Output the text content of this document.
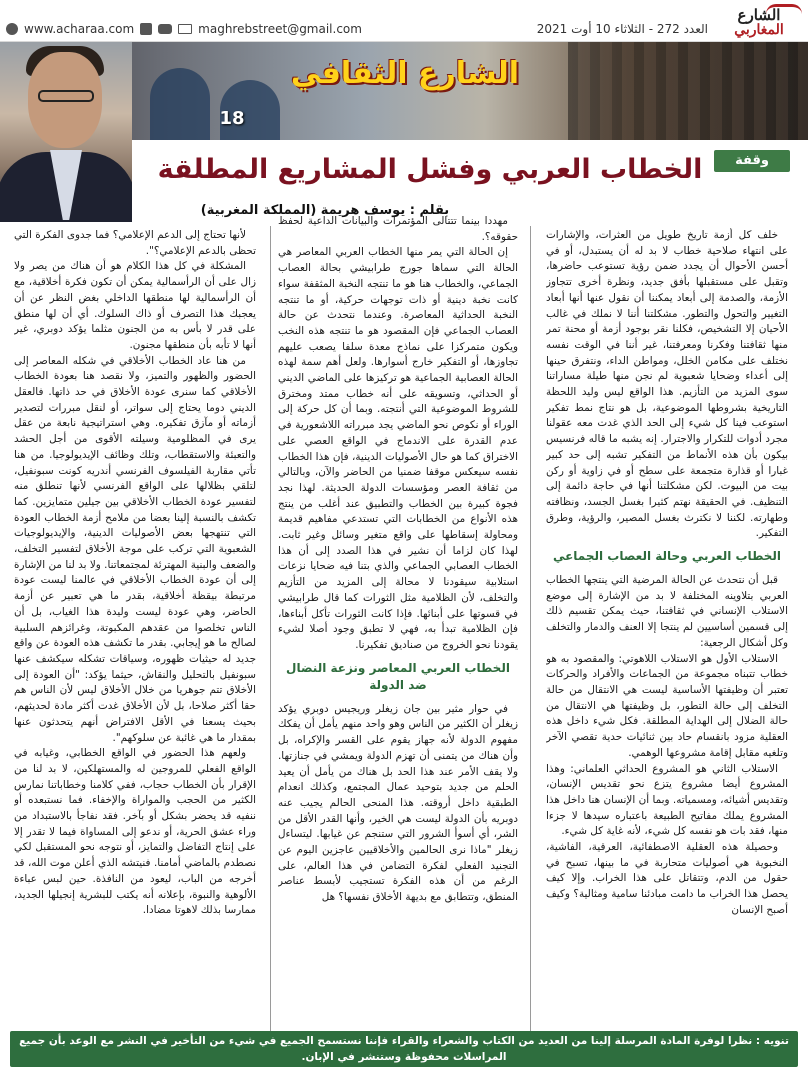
الشارع
المغاربي
العدد 272 - الثلاثاء 10 أوت 2021
www.acharaa.com	maghrebstreet@gmail.com
الشارع الثقافي
18
وقفة
الخطاب العربي وفشل المشاريع المطلقة
بقلم : يوسف هريمة (المملكة المغربية)

خلف كل أزمة تاريخ طويل من العثرات، والإشارات على انتهاء صلاحية خطاب لا بد له أن يستبدل، أو في أحسن الأحوال أن يجدد ضمن رؤية تستوعب حاضرها، وتقبل على مستقبلها بأفق جديد، ونظرة أخرى تتجاوز الأزمة، والصدمة إلى أبعاد يمكننا أن نقول عنها أنها أبعاد التغيير والتحول والتطور. مشكلتنا أننا لا نملك في غالب الأحيان إلا التشخيص، فكلنا نقر بوجود أزمة أو محنة تمر منها ثقافتنا وفكرنا ومعرفتنا، غير أننا في الوقت نفسه نختلف على مكامن الخلل، ومواطن الداء، ونتفرق حينها إلى أعداء وضحايا شعبوية لم نجن منها طيلة مساراتنا سوى المزيد من التأزيم. هذا الواقع ليس وليد اللحظة التاريخية بشروطها الموضوعية، بل هو نتاج نمط تفكير استوعب فينا كل شيء إلى الحد الذي غدت معه عقولنا مجرد أدوات للتكرار والاجترار. إنه يشبه ما قاله فرنسيس بيكون بأن هذه الأنماط من التفكير تشبه إلى حد كبير غبارا أو قذارة متجمعة على سطح أو في زاوية أو ركن بيت من البيوت. لكن مشكلتنا أنها في حاجة دائمة إلى التنظيف. في الحقيقة نهتم كثيرا بغسل الجسد، ونظافته وطهارته. لكننا لا نكترث بغسل المصير، والرؤية، وطرق التفكير.

الخطاب العربي وحالة العصاب الجماعي

قبل أن نتحدث عن الحالة المرضية التي ينتجها الخطاب العربي بتلاوينه المختلفة لا بد من الإشارة إلى موضع الاستلاب الإنساني في ثقافتنا، حيث يمكن تقسيم ذلك إلى قسمين أساسيين لم ينتجا إلا العنف والدمار والتخلف وكل أشكال الرجعية:

الاستلاب الأول هو الاستلاب اللاهوتي: والمقصود به هو خطاب تتبناه مجموعة من الجماعات والأفراد والحركات تعتبر أن وظيفتها الأساسية ليست هي الانتقال من حالة التخلف إلى حالة التطور، بل وظيفتها هي الانتقال من حالة الضلال إلى الهداية المطلقة. فكل شيء داخل هذه العقلية مزود بانقسام حاد بين ثنائيات حدية تقصي الآخر وتلغيه مقابل إقامة مشروعها الوهمي.

الاستلاب الثاني هو المشروع الحداثي العلماني: وهذا المشروع أيضا مشروع يتزع نحو تقديس الإنسان، وتقديس أشيائه، ومسمياته. وبما أن الإنسان هنا داخل هذا المشروع يملك مفاتيح الطبيعة باعتباره سيدها لا جزءا منها، فقد بات هو نفسه كل شيء، لأنه غاية كل شيء.

وحصيلة هذه العقلية الاصطفائية، العرقية، الفاشية، النخبوية هي أصوليات متحاربة في ما بينها، تسبح في حقول من الدم، وتتقاتل على هذا الخراب. وإلا كيف يحصل هذا الخراب ما دامت مبادئنا سامية ومثالية؟ وكيف أصبح الإنسان

مهددا بينما تتتالى المؤتمرات والبيانات الداعية لحفظ حقوقه؟.

إن الحالة التي يمر منها الخطاب العربي المعاصر هي الحالة التي سماها جورج طرابيشي بحالة العصاب الجماعي، والخطاب هنا هو ما تنتجه النخبة المثقفة سواء كانت نخبة دينية أو ذات توجهات حركية، أو ما تنتجه النخبة الحداثية المعاصرة. وعندما نتحدث عن حالة العصاب الجماعي فإن المقصود هو ما تنتجه هذه النخب ويكون متمركزا على نماذج معدة سلفا يصعب عليهم تجاوزها، أو التفكير خارج أسوارها. ولعل أهم سمة لهذه الحالة العصابية الجماعية هو تركيزها على الماضي الديني أو الحداثي، وتسويقه على أنه خطاب ممتد ومخترق للشروط الموضوعية التي أنتجته. وبما أن كل حركة إلى الوراء أو نكوص نحو الماضي يجد مبرراته اللاشعورية في عدم القدرة على الاندماج في الواقع العصي على الاختراق كما هو حال الأصوليات الدينية، فإن هذا الخطاب نفسه سيعكس موقفا ضمنيا من الحاضر والآن، وبالتالي من ثقافة العصر ومؤسسات الدولة الحديثة. لهذا نجد فجوة كبيرة بين الخطاب والتطبيق عند أغلب من ينتج هذه الأنواع من الخطابات التي تستدعي مفاهيم قديمة ومحاولة إسقاطها على واقع متغير وسائل وغير ثابت. لهذا كان لزاما أن نشير في هذا الصدد إلى أن هذا الخطاب العصابي الجماعي والذي بتنا فيه ضحايا نزعات استلابية سيقودنا لا محالة إلى المزيد من التأزيم والتخلف، لأن الظلامية مثل الثورات كما قال طرابيشي في قسوتها على أبنائها. فإذا كانت الثورات تأكل أبناءها، فإن الظلامية تبدأ به، فهي لا تطبق وجود أصلا لشيء يقودنا نحو الخروج من صناديق تفكيرنا.

الخطاب العربي المعاصر ونزعة النضال ضد الدولة

في حوار مثير بين جان زيغلر وريجيس دوبري يؤكد زيغلر أن الكثير من الناس وهو واحد منهم يأمل أن يفكك مفهوم الدولة لأنه جهاز يقوم على القسر والإكراه، بل وأن هناك من يتمنى أن تهزم الدولة ويمشي في جنازتها. ولا يقف الأمر عند هذا الحد بل هناك من يأمل أن يعيد الحلم من جديد بتوحيد عمال المجتمع، وكذلك انعدام الطبقية داخل أروقته. هذا المنحى الحالم يجيب عنه دوبريه بأن الدولة ليست هي الخير، وأنها القدر الأقل من الشر، أي أسوأ الشرور التي ستنجم عن غيابها. ليتساءل زيغلر "ماذا نرى الحالمين والأخلاقيين عاجزين اليوم عن التجنيد الفعلي لفكرة التضامن في هذا العالم، على الرغم من أن هذه الفكرة تستجيب لأبسط عناصر المنطق، وتتطابق مع بديهة الأخلاق نفسها؟ هل

لأنها تحتاج إلى الدعم الإعلامي؟ فما جدوى الفكرة التي تحظى بالدعم الإعلامي؟".

المشكلة في كل هذا الكلام هو أن هناك من يصر ولا زال على أن الرأسمالية يمكن أن تكون فكرة أخلاقية، مع أن الرأسمالية لها منطقها الداخلي بغض النظر عن أن يعجبك هذا التصرف أو ذاك السلوك. أي أن لها منطق على قدر لا بأس به من الجنون مثلما يؤكد دوبري، غير أنها لا تأبه بأن منطقها مجنون.

من هنا عاد الخطاب الأخلاقي في شكله المعاصر إلى الحضور والظهور والتميز، ولا نقصد هنا بعودة الخطاب الأخلاقي كما سنرى عودة الأخلاق في حد ذاتها. فالعقل الديني دوما يحتاج إلى سواتر، أو لنقل مبررات لتصدير أزماته أو مآزق تفكيره. وهي استراتيجية نابعة من عقل يرى في المظلومية وسيلته الأقوى من أجل الحشد والتعبئة والاستقطاب، وتلك وظائف الإيديولوجيا. من هنا تأتي مقاربة الفيلسوف الفرنسي أندريه كونت سبونفيل، لتلقي بظلالها على الواقع الفرنسي لأنها تنطلق منه لتفسير عودة الخطاب الأخلاقي بين جيلين متمايزين. كما تكشف بالنسبة إلينا بعضا من ملامح أزمة الخطاب العودة التي تنتهجها بعض الأصوليات الدينية، والإيديولوجيات الشعبوية التي تركب على موجة الأخلاق لتفسير التخلف، والضعف والبنية المهترئة لمجتمعاتنا. ولا بد لنا من الإشارة إلى أن عودة الخطاب الأخلاقي في عالمنا ليست عودة مرتبطة بيقظة أخلاقية، بقدر ما هي تعبير عن أزمة الحاضر، وهي عودة ليست وليدة هذا الغياب، بل أن الناس تخلصوا من عقدهم المكبوتة، وغرائزهم السلبية لصالح ما هو إيجابي. بقدر ما تكشف هذه العودة عن واقع جديد له حيثيات ظهوره، وسياقات تشكله سيكشف عنها سبونفيل بالتحليل والنقاش، حيثما يؤكد: "أن العودة إلى الأخلاق تتم جوهريا من خلال الأخلاق ليس لأن الناس هم حقا أكثر صلاحا، بل لأن الأخلاق غدت أكثر مادة لحديثهم، بحيث يسعنا في الأقل الافتراض أنهم يتحدثون عنها بمقدار ما هي غائبة عن سلوكهم".

ولعهم هذا الحضور في الواقع الخطابي، وغيابه في الواقع الفعلي للمروجين له والمستهلكين، لا بد لنا من الإقرار بأن الخطاب حجاب، ففي كلامنا وخطاباتنا نمارس الكثير من الحجب والمواراة والإخفاء. فما نستبعده أو ننفيه قد يحضر بشكل أو بآخر. فقد نفاجأ بالاستبداد من وراء عشق الحرية، أو ندعو إلى المساواة فيما لا تقدر إلا على إنتاج التفاضل والتمايز، أو نتوجه نحو المستقبل لكي نصطدم بالماضي أمامنا. فنيتشه الذي أعلن موت الله، قد أخرجه من الباب، ليعود من النافذة. حين لبس عباءة الألوهية والنبوة، بإعلانه أنه يكتب للبشرية إنجيلها الجديد، ممارسا بذلك لاهوتا مضادا.

تنويه : نظرا لوفرة المادة المرسلة إلينا من العديد من الكتاب والشعراء والقراء فإننا نستسمح الجميع في شيء من التأخير في النشر مع الوعد بأن جميع المراسلات محفوظة وستنشر في الإبان.
